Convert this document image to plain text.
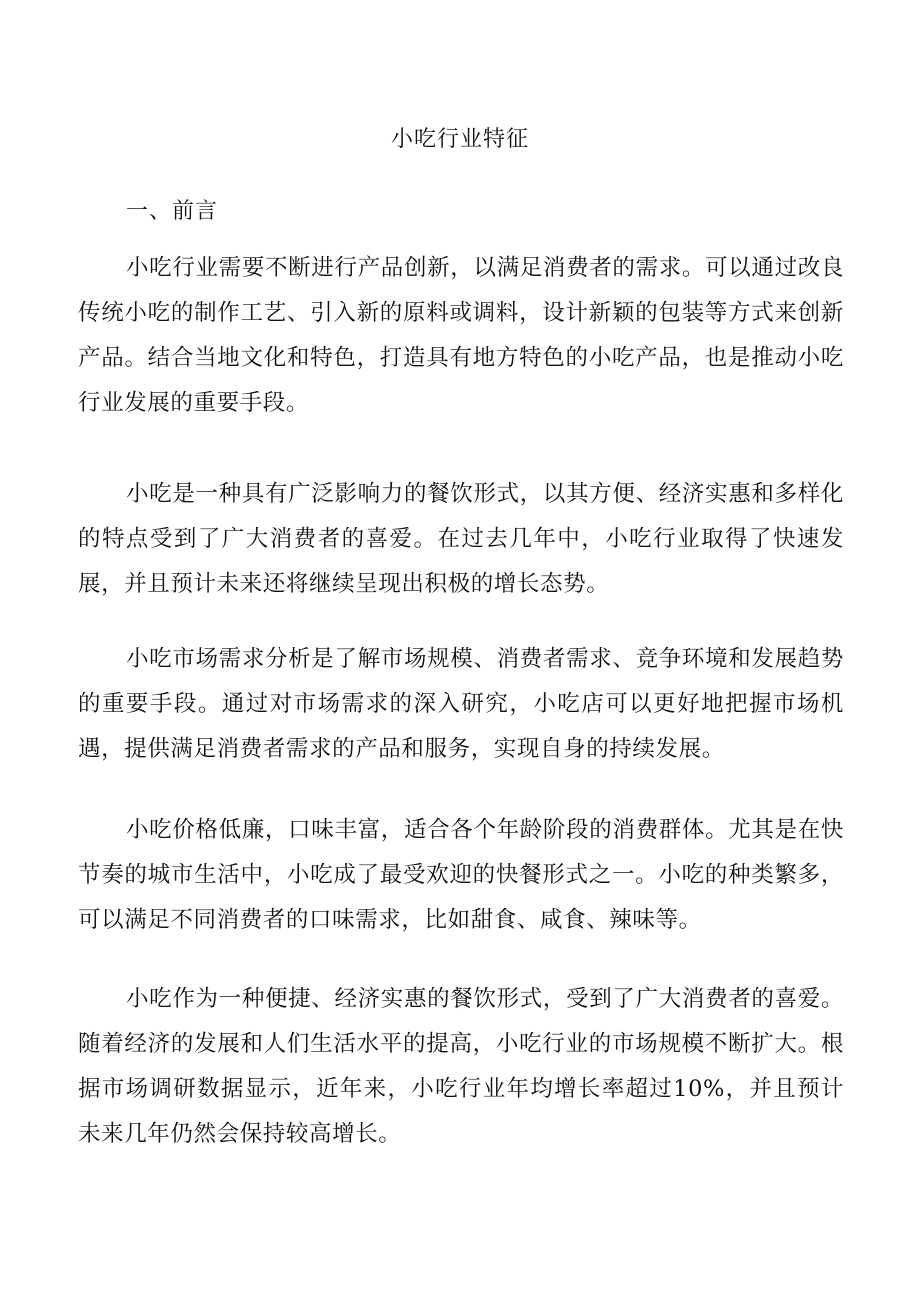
小吃行业特征
一、前言

小吃行业需要不断进行产品创新，以满足消费者的需求。可以通过改良传统小吃的制作工艺、引入新的原料或调料，设计新颖的包装等方式来创新产品。结合当地文化和特色，打造具有地方特色的小吃产品，也是推动小吃行业发展的重要手段。

小吃是一种具有广泛影响力的餐饮形式，以其方便、经济实惠和多样化的特点受到了广大消费者的喜爱。在过去几年中，小吃行业取得了快速发展，并且预计未来还将继续呈现出积极的增长态势。

小吃市场需求分析是了解市场规模、消费者需求、竞争环境和发展趋势的重要手段。通过对市场需求的深入研究，小吃店可以更好地把握市场机遇，提供满足消费者需求的产品和服务，实现自身的持续发展。

小吃价格低廉，口味丰富，适合各个年龄阶段的消费群体。尤其是在快节奏的城市生活中，小吃成了最受欢迎的快餐形式之一。小吃的种类繁多，可以满足不同消费者的口味需求，比如甜食、咸食、辣味等。

小吃作为一种便捷、经济实惠的餐饮形式，受到了广大消费者的喜爱。随着经济的发展和人们生活水平的提高，小吃行业的市场规模不断扩大。根据市场调研数据显示，近年来，小吃行业年均增长率超过10%，并且预计未来几年仍然会保持较高增长。
